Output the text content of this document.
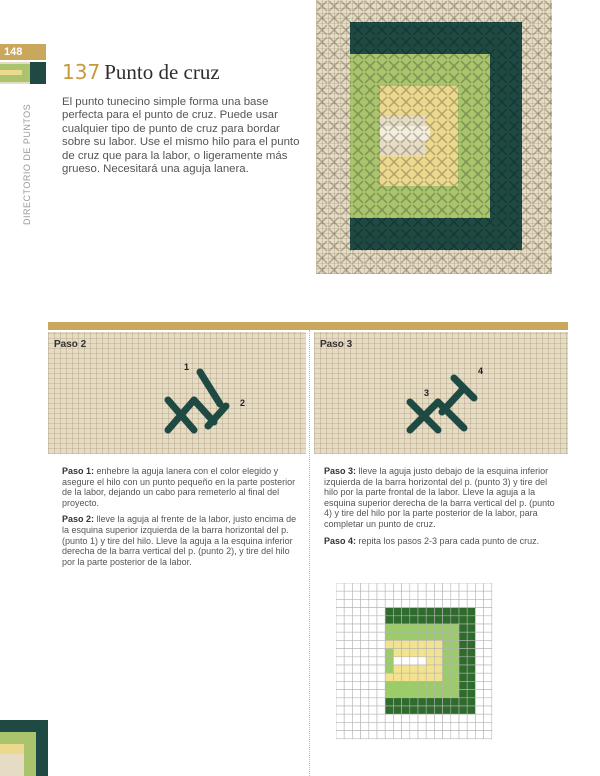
148
DIRECTORIO DE PUNTOS
137 Punto de cruz
El punto tunecino simple forma una base perfecta para el punto de cruz. Puede usar cualquier tipo de punto de cruz para bordar sobre su labor. Use el mismo hilo para el punto de cruz que para la labor, o ligeramente más grueso. Necesitará una aguja lanera.
Paso 2
1
2
Paso 3
3
4

Paso 1: enhebre la aguja lanera con el color elegido y asegure el hilo con un punto pequeño en la parte posterior de la labor, dejando un cabo para remeterlo al final del proyecto.

Paso 2: lleve la aguja al frente de la labor, justo encima de la esquina superior izquierda de la barra horizontal del p. (punto 1) y tire del hilo. Lleve la aguja a la esquina inferior derecha de la barra vertical del p. (punto 2), y tire del hilo por la parte posterior de la labor.

Paso 3: lleve la aguja justo debajo de la esquina inferior izquierda de la barra horizontal del p. (punto 3) y tire del hilo por la parte frontal de la labor. Lleve la aguja a la esquina superior derecha de la barra vertical del p. (punto 4) y tire del hilo por la parte posterior de la labor, para completar un punto de cruz.

Paso 4: repita los pasos 2-3 para cada punto de cruz.
